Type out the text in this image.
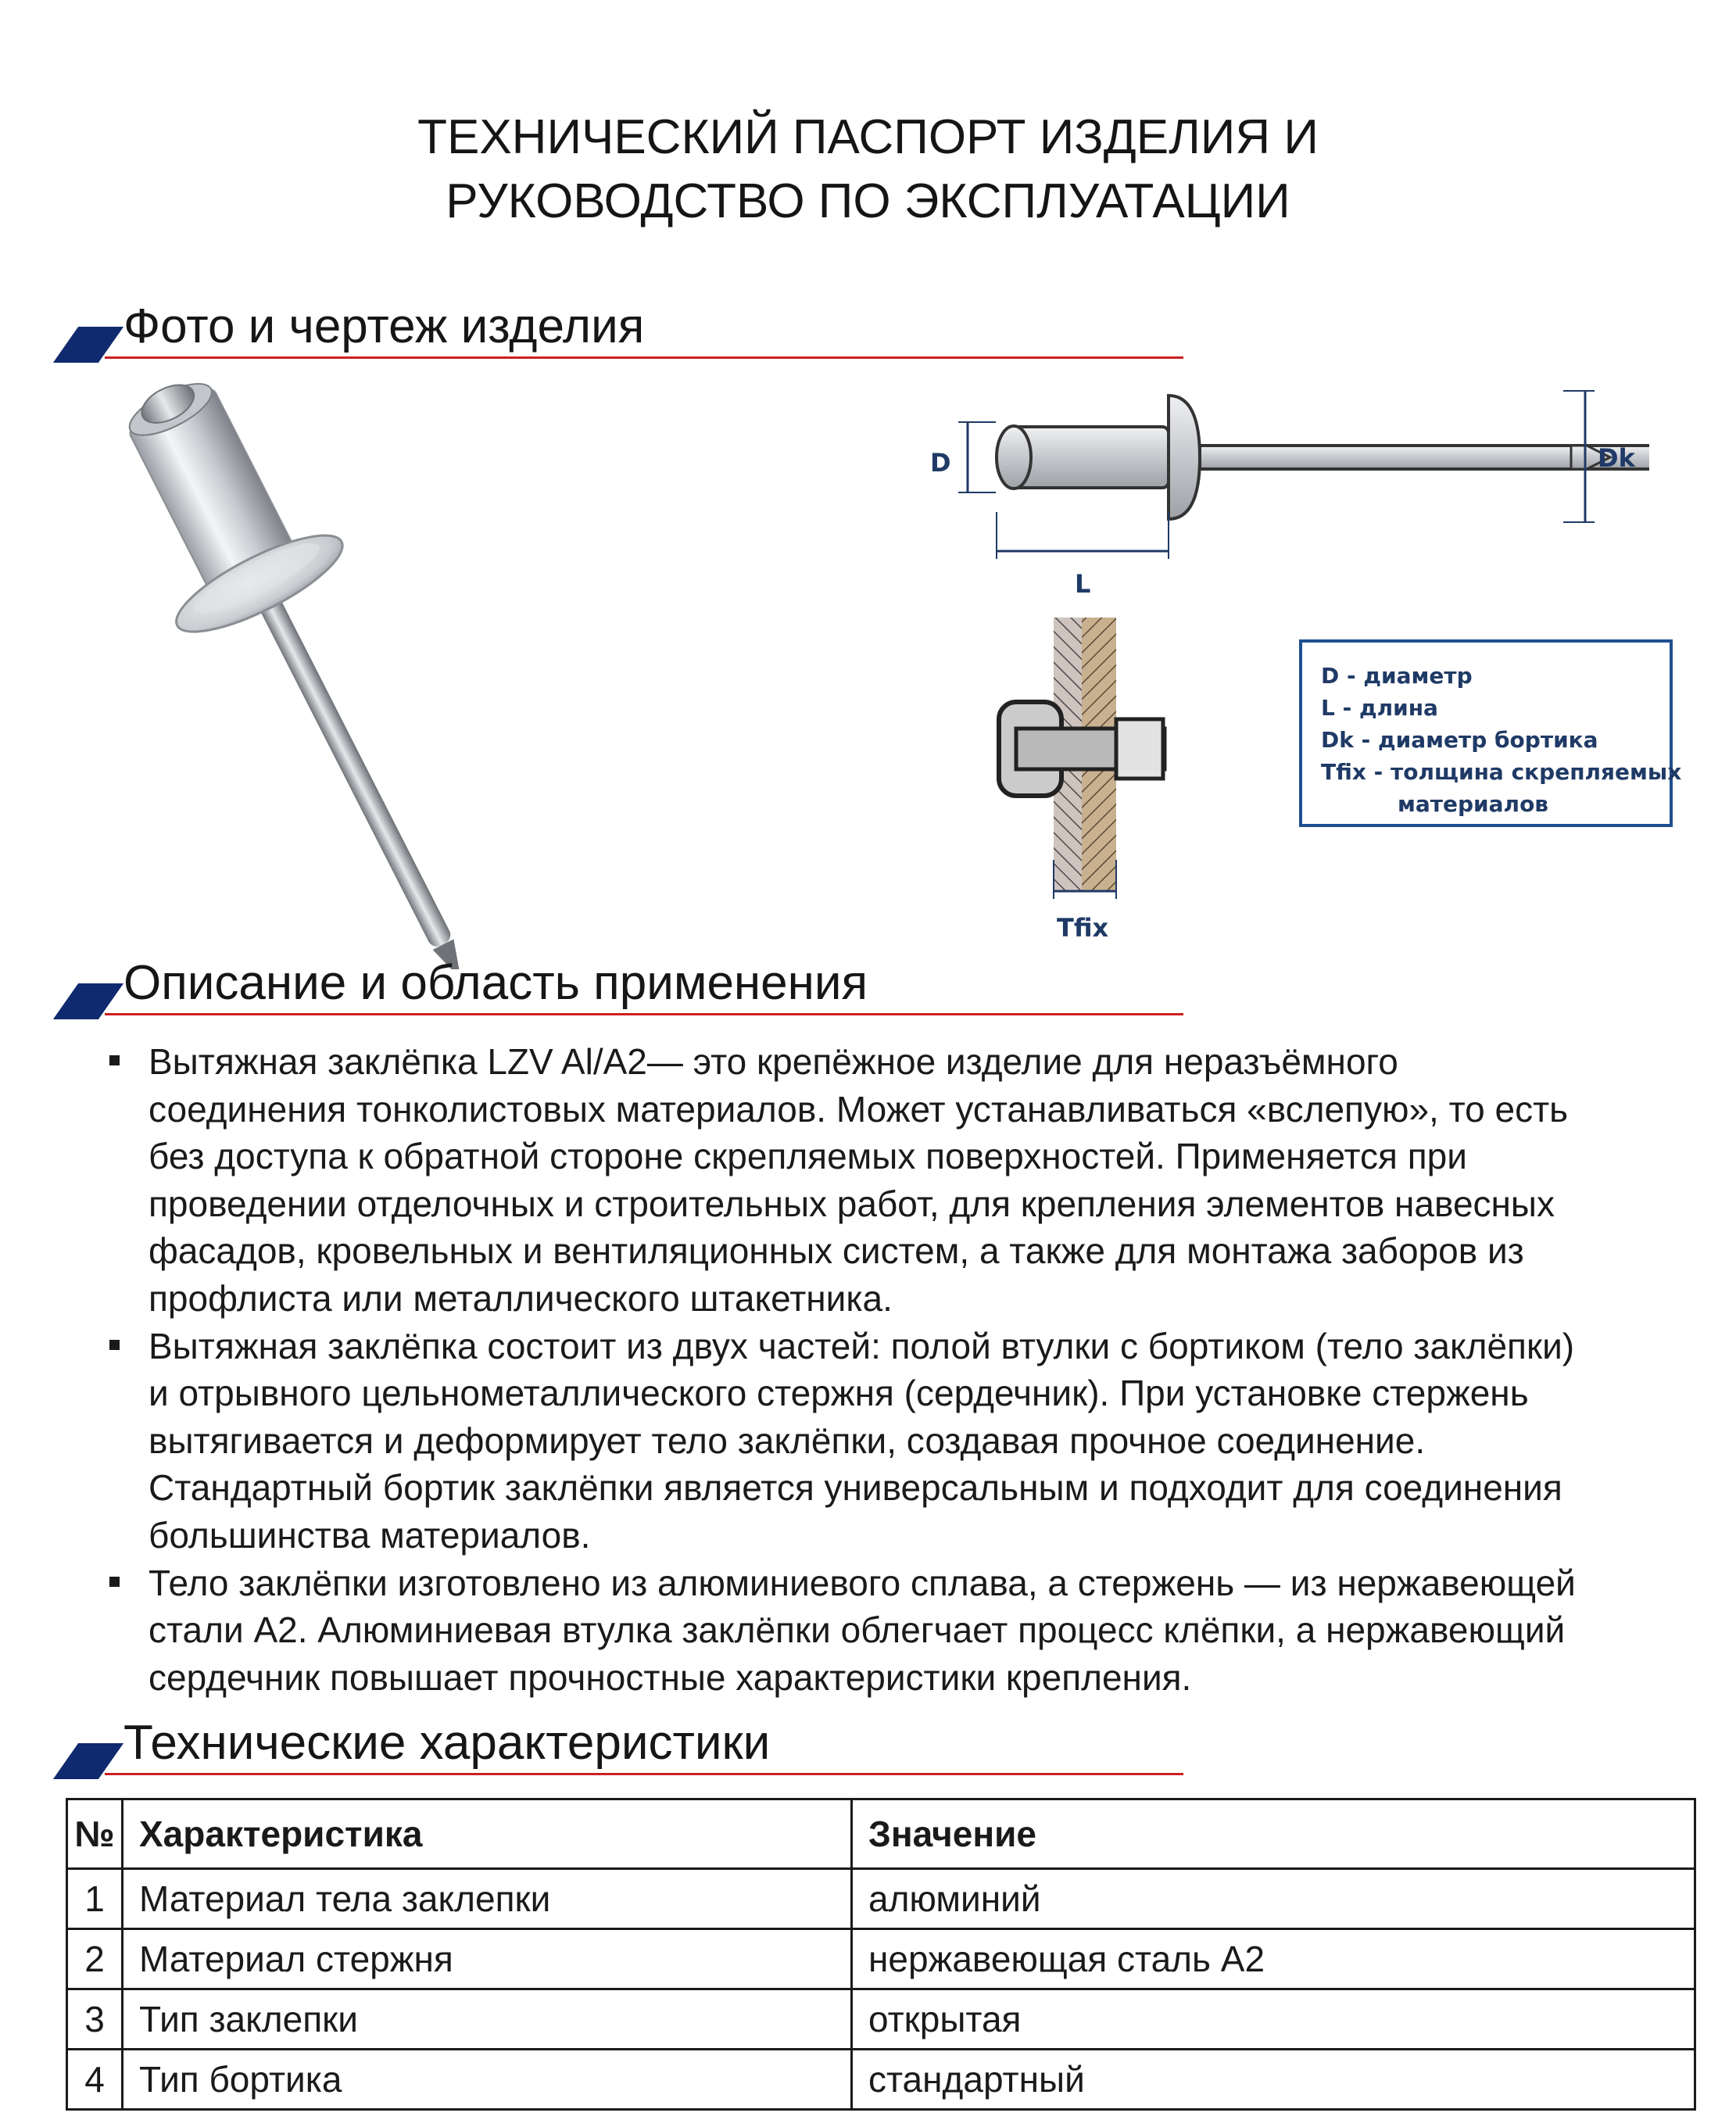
ТЕХНИЧЕСКИЙ ПАСПОРТ ИЗДЕЛИЯ И
РУКОВОДСТВО ПО ЭКСПЛУАТАЦИИ
Фото и чертеж изделия
D
L
Dk
Tfix
D - диаметр
L - длина
Dk - диаметр бортика
Tfix - толщина скрепляемых
материалов
Описание и область применения
Вытяжная заклёпка LZV Al/A2— это крепёжное изделие для неразъёмного
соединения тонколистовых материалов. Может устанавливаться «вслепую», то есть
без доступа к обратной стороне скрепляемых поверхностей. Применяется при
проведении отделочных и строительных работ, для крепления элементов навесных
фасадов, кровельных и вентиляционных систем, а также для монтажа заборов из
профлиста или металлического штакетника.
Вытяжная заклёпка состоит из двух частей: полой втулки с бортиком (тело заклёпки)
и отрывного цельнометаллического стержня (сердечник). При установке стержень
вытягивается и деформирует тело заклёпки, создавая прочное соединение.
Стандартный бортик заклёпки является универсальным и подходит для соединения
большинства материалов.
Тело заклёпки изготовлено из алюминиевого сплава, а стержень — из нержавеющей
стали А2. Алюминиевая втулка заклёпки облегчает процесс клёпки, а нержавеющий
сердечник повышает прочностные характеристики крепления.
Технические характеристики
№	Характеристика	Значение
1	Материал тела заклепки	алюминий
2	Материал стержня	нержавеющая сталь А2
3	Тип заклепки	открытая
4	Тип бортика	стандартный
